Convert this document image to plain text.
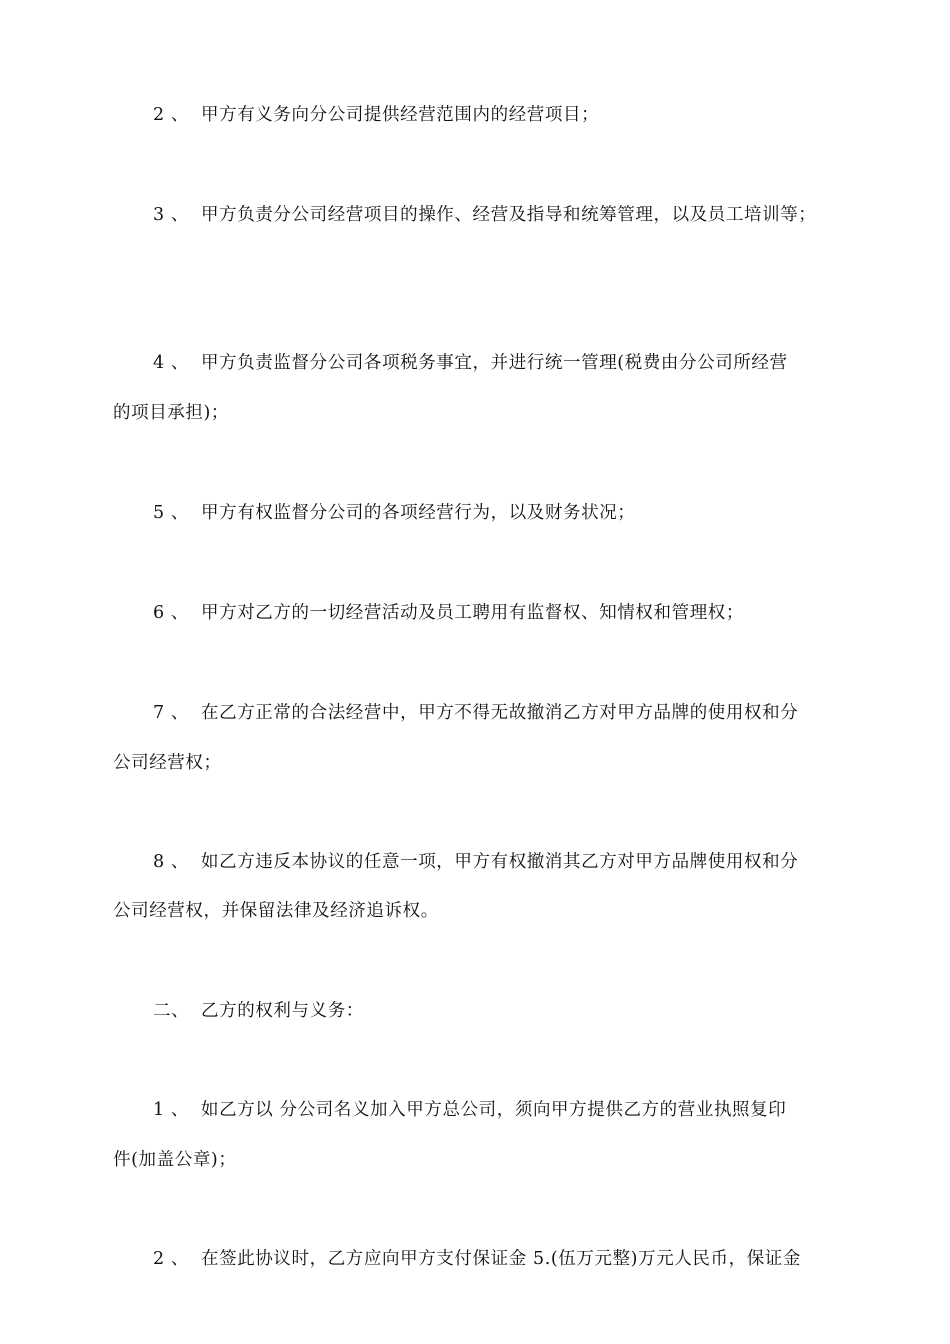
2 、 甲方有义务向分公司提供经营范围内的经营项目；
3 、 甲方负责分公司经营项目的操作、经营及指导和统筹管理，以及员工培训等；
4 、 甲方负责监督分公司各项税务事宜，并进行统一管理(税费由分公司所经营
的项目承担)；
5 、 甲方有权监督分公司的各项经营行为，以及财务状况；
6 、 甲方对乙方的一切经营活动及员工聘用有监督权、知情权和管理权；
7 、 在乙方正常的合法经营中，甲方不得无故撤消乙方对甲方品牌的使用权和分
公司经营权；
8 、 如乙方违反本协议的任意一项，甲方有权撤消其乙方对甲方品牌使用权和分
公司经营权，并保留法律及经济追诉权。
二、 乙方的权利与义务：
1 、 如乙方以 分公司名义加入甲方总公司，须向甲方提供乙方的营业执照复印
件(加盖公章)；
2 、 在签此协议时，乙方应向甲方支付保证金 5.(伍万元整)万元人民币，保证金
